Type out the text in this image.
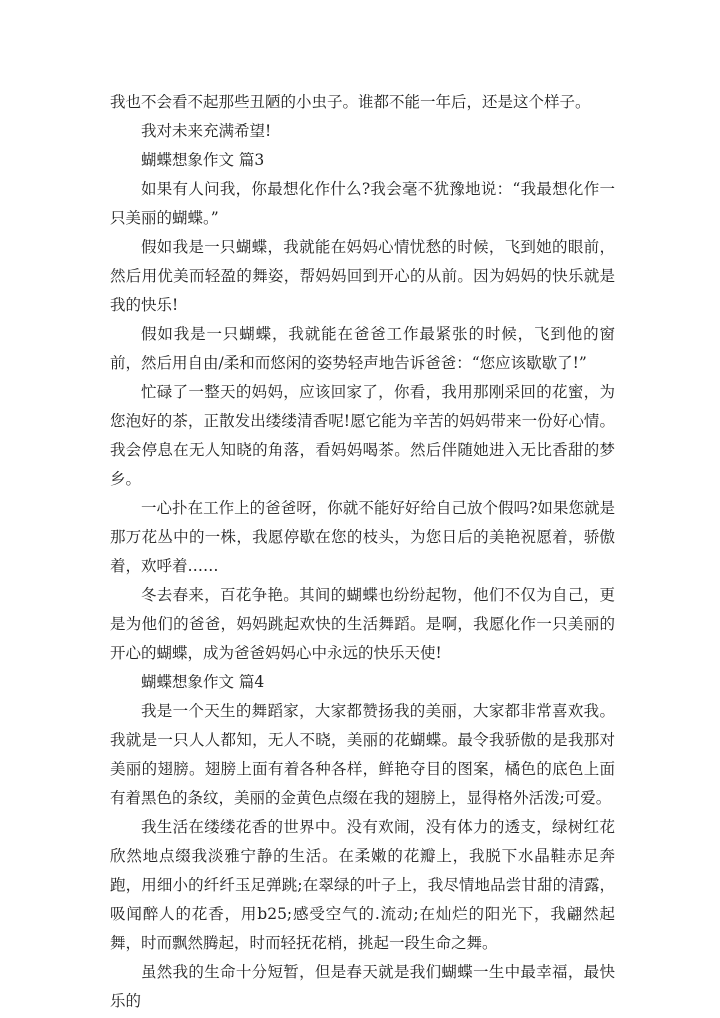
我也不会看不起那些丑陋的小虫子。谁都不能一年后，还是这个样子。

我对未来充满希望!

蝴蝶想象作文 篇3

如果有人问我，你最想化作什么?我会毫不犹豫地说：“我最想化作一只美丽的蝴蝶。”

假如我是一只蝴蝶，我就能在妈妈心情忧愁的时候，飞到她的眼前，然后用优美而轻盈的舞姿，帮妈妈回到开心的从前。因为妈妈的快乐就是我的快乐!

假如我是一只蝴蝶，我就能在爸爸工作最紧张的时候，飞到他的窗前，然后用自由/柔和而悠闲的姿势轻声地告诉爸爸：“您应该歇歇了!”

忙碌了一整天的妈妈，应该回家了，你看，我用那刚采回的花蜜，为您泡好的茶，正散发出缕缕清香呢!愿它能为辛苦的妈妈带来一份好心情。我会停息在无人知晓的角落，看妈妈喝茶。然后伴随她进入无比香甜的梦乡。

一心扑在工作上的爸爸呀，你就不能好好给自己放个假吗?如果您就是那万花丛中的一株，我愿停歇在您的枝头，为您日后的美艳祝愿着，骄傲着，欢呼着……

冬去春来，百花争艳。其间的蝴蝶也纷纷起物，他们不仅为自己，更是为他们的爸爸，妈妈跳起欢快的生活舞蹈。是啊，我愿化作一只美丽的开心的蝴蝶，成为爸爸妈妈心中永远的快乐天使!

蝴蝶想象作文 篇4

我是一个天生的舞蹈家，大家都赞扬我的美丽，大家都非常喜欢我。我就是一只人人都知，无人不晓，美丽的花蝴蝶。最令我骄傲的是我那对美丽的翅膀。翅膀上面有着各种各样，鲜艳夺目的图案，橘色的底色上面有着黑色的条纹，美丽的金黄色点缀在我的翅膀上，显得格外活泼;可爱。

我生活在缕缕花香的世界中。没有欢闹，没有体力的透支，绿树红花欣然地点缀我淡雅宁静的生活。在柔嫩的花瓣上，我脱下水晶鞋赤足奔跑，用细小的纤纤玉足弹跳;在翠绿的叶子上，我尽情地品尝甘甜的清露，吸闻醉人的花香，用b25;感受空气的.流动;在灿烂的阳光下，我翩然起舞，时而飘然腾起，时而轻抚花梢，挑起一段生命之舞。

虽然我的生命十分短暂，但是春天就是我们蝴蝶一生中最幸福，最快乐的
